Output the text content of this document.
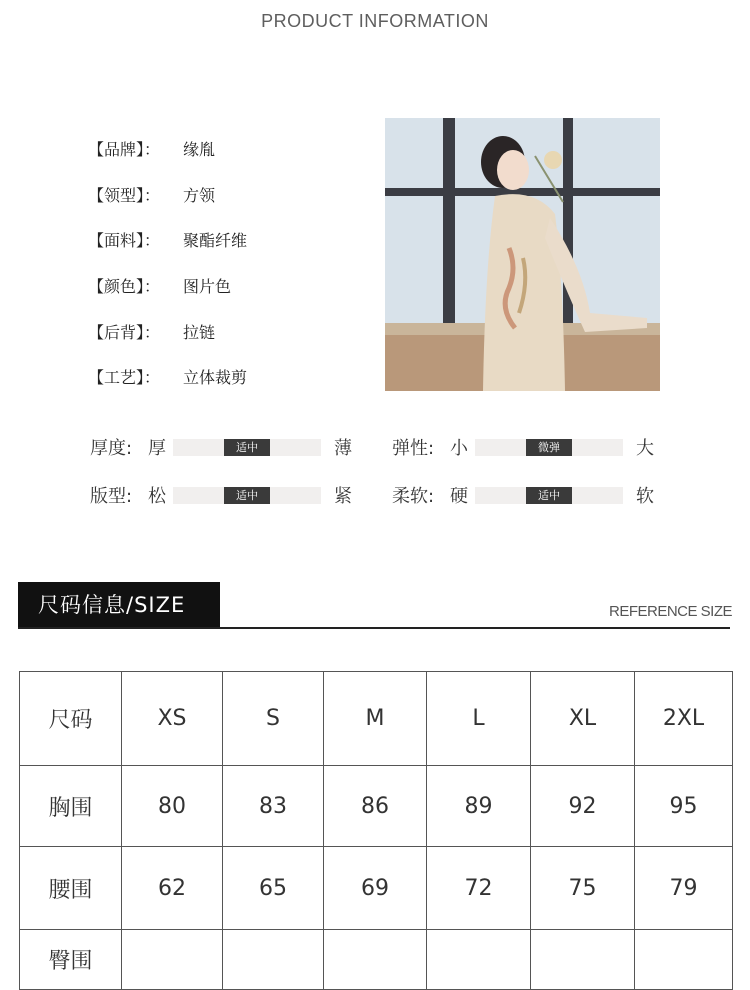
PRODUCT INFORMATION
【品牌】：	缘胤
【领型】：	方领
【面料】：	聚酯纤维
【颜色】：	图片色
【后背】：	拉链
【工艺】：	立体裁剪
厚度: 厚	适中	薄 弹性: 小	微弹	大
版型: 松	适中	紧 柔软: 硬	适中	软
尺码信息/SIZE	REFERENCE SIZE
尺码	XS	S	M	L	XL	2XL
胸围	80	83	86	89	92	95
腰围	62	65	69	72	75	79
臀围						
